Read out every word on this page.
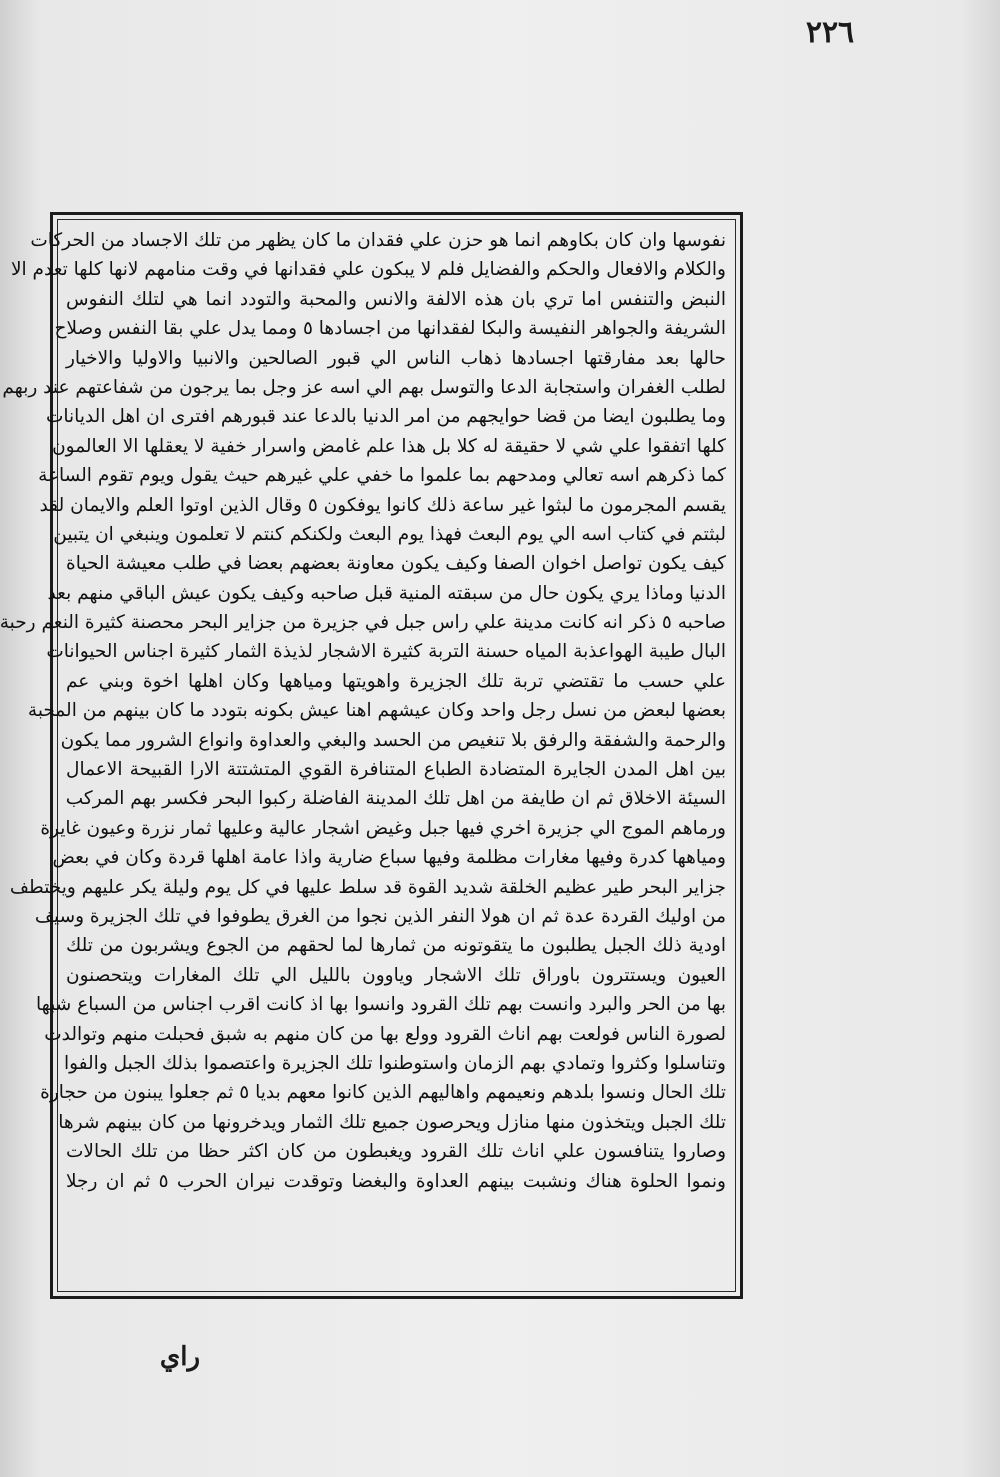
٢٢٦
نفوسها وان كان بكاوهم انما هو حزن علي فقدان ما كان يظهر من تلك الاجساد من الحركات
والكلام والافعال والحكم والفضايل فلم لا يبكون علي فقدانها في وقت منامهم لانها كلها تعدم الا
النبض والتنفس اما تري بان هذه الالفة والانس والمحبة والتودد انما هي لتلك النفوس
الشريفة والجواهر النفيسة والبكا لفقدانها من اجسادها ٥ ومما يدل علي بقا النفس وصلاح
حالها بعد مفارقتها اجسادها ذهاب الناس الي قبور الصالحين والانبيا والاوليا والاخيار
لطلب الغفران واستجابة الدعا والتوسل بهم الي اسه عز وجل بما يرجون من شفاعتهم عند ربهم
وما يطلبون ايضا من قضا حوايجهم من امر الدنيا بالدعا عند قبورهم افترى ان اهل الديانات
كلها اتفقوا علي شي لا حقيقة له كلا بل هذا علم غامض واسرار خفية لا يعقلها الا العالمون
كما ذكرهم اسه تعالي ومدحهم بما علموا ما خفي علي غيرهم حيث يقول ويوم تقوم الساعة
يقسم المجرمون ما لبثوا غير ساعة ذلك كانوا يوفكون ٥ وقال الذين اوتوا العلم والايمان لقد
لبثتم في كتاب اسه الي يوم البعث فهذا يوم البعث ولكنكم كنتم لا تعلمون وينبغي ان يتبين
كيف يكون تواصل اخوان الصفا وكيف يكون معاونة بعضهم بعضا في طلب معيشة الحياة
الدنيا وماذا يري يكون حال من سبقته المنية قبل صاحبه وكيف يكون عيش الباقي منهم بعد
صاحبه ٥ ذكر انه كانت مدينة علي راس جبل في جزيرة من جزاير البحر محصنة كثيرة النعم رحبة
البال طيبة الهواعذبة المياه حسنة التربة كثيرة الاشجار لذيذة الثمار كثيرة اجناس الحيوانات
علي حسب ما تقتضي تربة تلك الجزيرة واهويتها ومياهها وكان اهلها اخوة وبني عم
بعضها لبعض من نسل رجل واحد وكان عيشهم اهنا عيش بكونه بتودد ما كان بينهم من المحبة
والرحمة والشفقة والرفق بلا تنغيص من الحسد والبغي والعداوة وانواع الشرور مما يكون
بين اهل المدن الجايرة المتضادة الطباع المتنافرة القوي المتشتتة الارا القبيحة الاعمال
السيئة الاخلاق ثم ان طايفة من اهل تلك المدينة الفاضلة ركبوا البحر فكسر بهم المركب
ورماهم الموج الي جزيرة اخري فيها جبل وغيض اشجار عالية وعليها ثمار نزرة وعيون غايرة
ومياهها كدرة وفيها مغارات مظلمة وفيها سباع ضارية واذا عامة اهلها قردة وكان في بعض
جزاير البحر طير عظيم الخلقة شديد القوة قد سلط عليها في كل يوم وليلة يكر عليهم ويختطف
من اوليك القردة عدة ثم ان هولا النفر الذين نجوا من الغرق يطوفوا في تلك الجزيرة وسيف
اودية ذلك الجبل يطلبون ما يتقوتونه من ثمارها لما لحقهم من الجوع ويشربون من تلك
العيون ويستترون باوراق تلك الاشجار وياوون بالليل الي تلك المغارات ويتحصنون
بها من الحر والبرد وانست بهم تلك القرود وانسوا بها اذ كانت اقرب اجناس من السباع شبها
لصورة الناس فولعت بهم اناث القرود وولع بها من كان منهم به شبق فحبلت منهم وتوالدت
وتناسلوا وكثروا وتمادي بهم الزمان واستوطنوا تلك الجزيرة واعتصموا بذلك الجبل والفوا
تلك الحال ونسوا بلدهم ونعيمهم واهاليهم الذين كانوا معهم بديا ٥ ثم جعلوا يبنون من حجارة
تلك الجبل ويتخذون منها منازل ويحرصون جميع تلك الثمار ويدخرونها من كان بينهم شرها
وصاروا يتنافسون علي اناث تلك القرود ويغبطون من كان اكثر حظا من تلك الحالات
ونموا الحلوة هناك ونشبت بينهم العداوة والبغضا وتوقدت نيران الحرب ٥ ثم ان رجلا
راي
